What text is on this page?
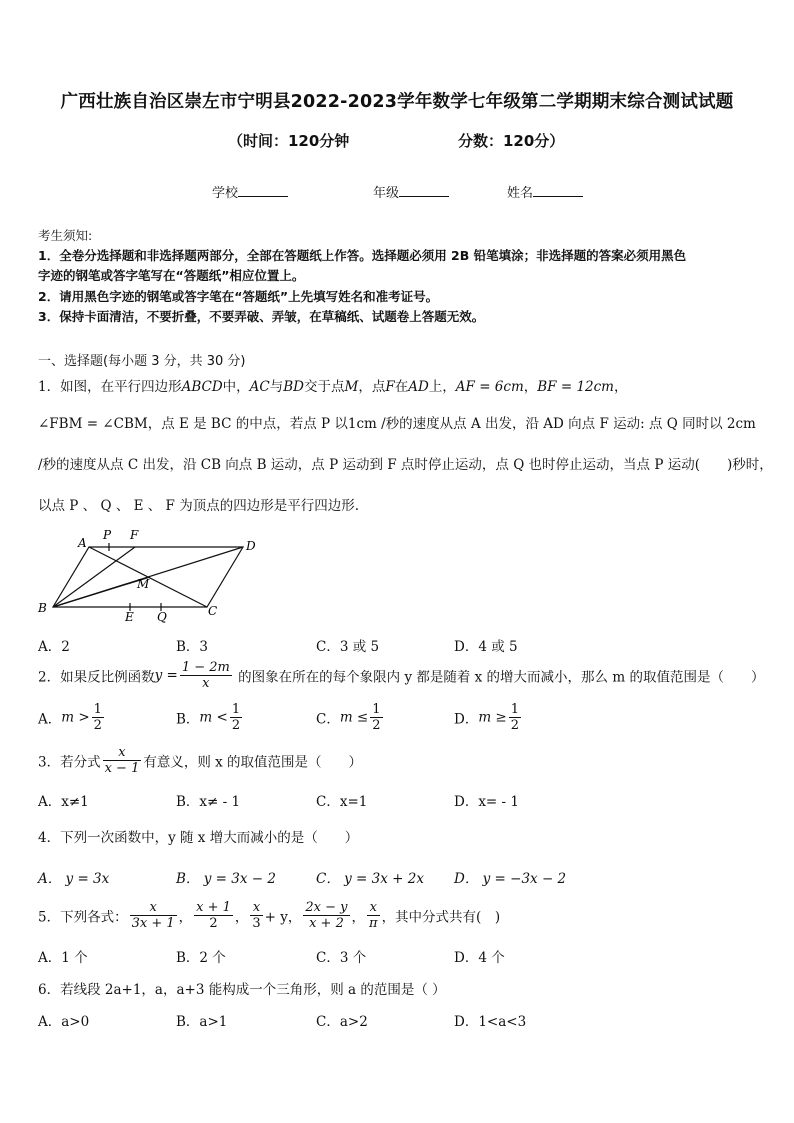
广西壮族自治区崇左市宁明县2022-2023学年数学七年级第二学期期末综合测试试题
（时间：120分钟	分数：120分）
学校	年级	姓名
考生须知:
1．全卷分选择题和非选择题两部分，全部在答题纸上作答。选择题必须用 2B 铅笔填涂；非选择题的答案必须用黑色
字迹的钢笔或答字笔写在“答题纸”相应位置上。
2．请用黑色字迹的钢笔或答字笔在“答题纸”上先填写姓名和准考证号。
3．保持卡面清洁，不要折叠，不要弄破、弄皱，在草稿纸、试题卷上答题无效。
一、选择题(每小题 3 分，共 30 分)
1．如图，在平行四边形ABCD中，AC与BD交于点M，点F在AD上，AF = 6cm，BF = 12cm，
∠FBM = ∠CBM，点 E 是 BC 的中点，若点 P 以1cm /秒的速度从点 A 出发，沿 AD 向点 F 运动: 点 Q 同时以 2cm
/秒的速度从点 C 出发，沿 CB 向点 B 运动，点 P 运动到 F 点时停止运动，点 Q 也时停止运动，当点 P 运动(　　)秒时，
以点 P 、 Q 、 E 、 F 为顶点的四边形是平行四边形.
A
P F
D
M
B
E Q	C
A．2	B．3	C．3 或 5	D．4 或 5
2．如果反比例函数$y = \frac{1 - 2m}{x}$ 的图象在所在的每个象限内 y 都是随着 x 的增大而减小，那么 m 的取值范围是（　　）
A．$m > \frac{1}{2}$	B．$m < \frac{1}{2}$	C．$m \le \frac{1}{2}$	D．$m \ge \frac{1}{2}$
3．若分式 $\frac{x}{x - 1}$ 有意义，则 x 的取值范围是（　　）
A．x≠1	B．x≠ - 1	C．x=1	D．x= - 1
4．下列一次函数中，y 随 x 增大而减小的是（　　）
A． y = 3x	B． y = 3x − 2	C． y = 3x + 2x D． y = −3x − 2
5．下列各式： $\frac{x}{3x + 1}$ ， $\frac{x + 1}{2}$ ， $\frac{x}{3} + y$， $\frac{2x - y}{x + 2}$ ， $\frac{x}{\pi}$ ，其中分式共有(　)
A．1 个	B．2 个	C．3 个	D．4 个
6．若线段 2a+1，a，a+3 能构成一个三角形，则 a 的范围是（ ）
A．a>0	B．a>1	C．a>2	D．1<a<3
